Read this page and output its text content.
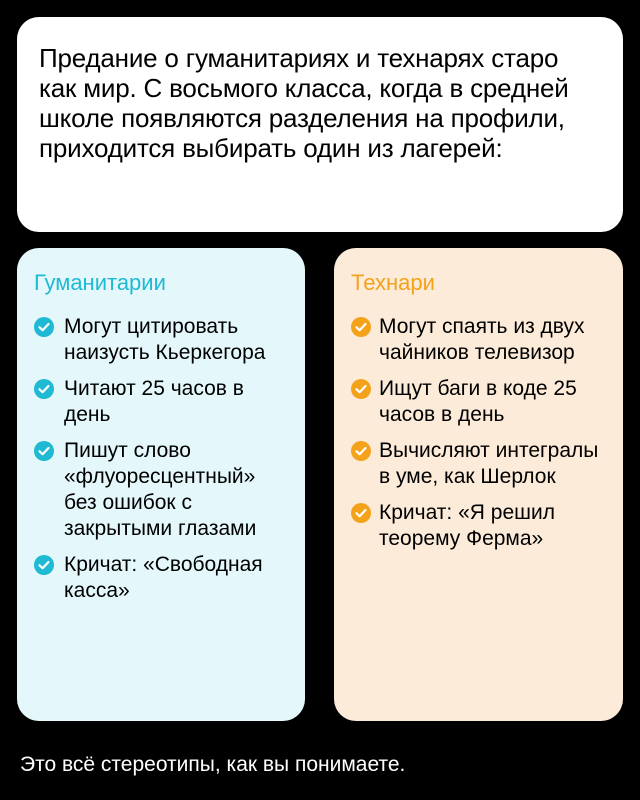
Предание о гуманитариях и технарях старо как мир. С восьмого класса, когда в средней школе появляются разделения на профили, приходится выбирать один из лагерей:

Гуманитарии
Могут цитировать наизусть Кьеркегора
Читают 25 часов в день
Пишут слово «флуоресцентный» без ошибок с закрытыми глазами
Кричат: «Свободная касса»
Технари
Могут спаять из двух чайников телевизор
Ищут баги в коде 25 часов в день
Вычисляют интегралы в уме, как Шерлок
Кричат: «Я решил теорему Ферма»

Это всё стереотипы, как вы понимаете.
